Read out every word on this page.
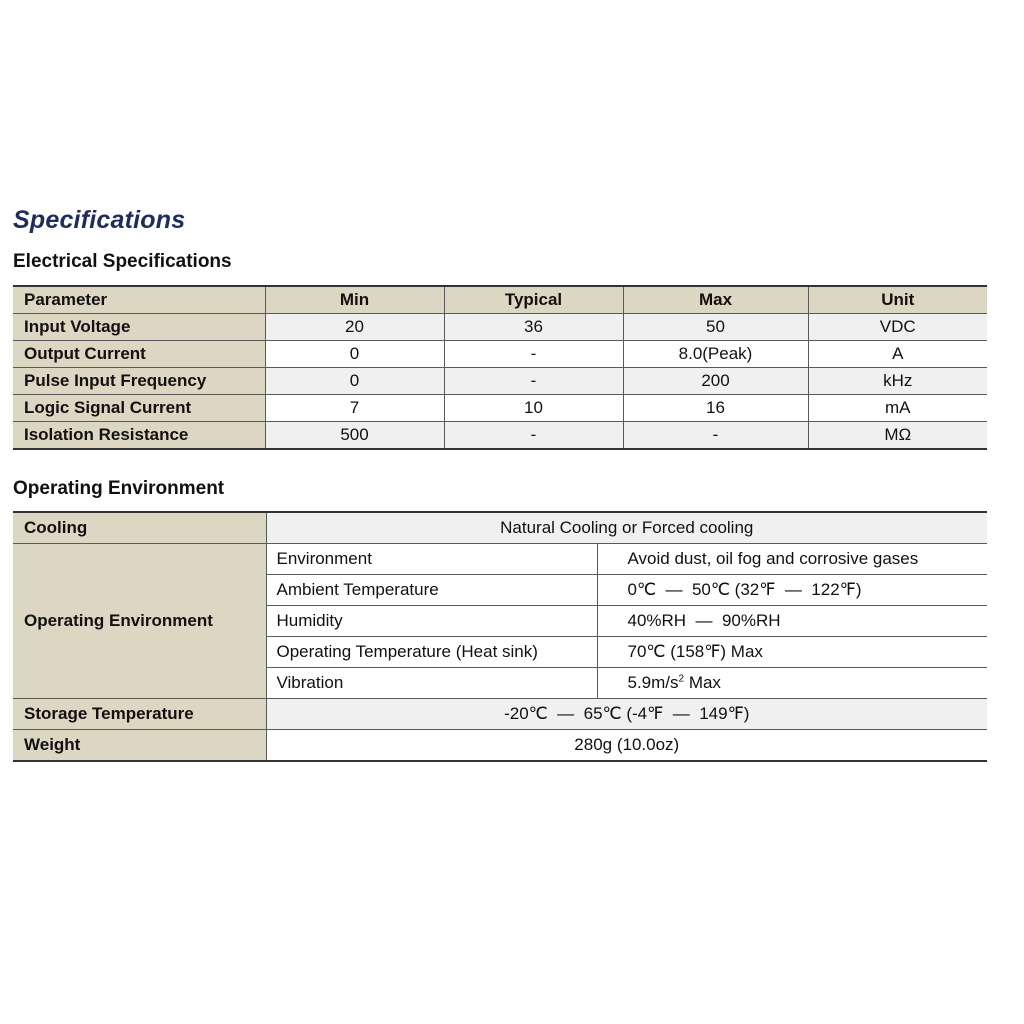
Specifications
Electrical Specifications
Parameter	Min	Typical	Max	Unit
Input Voltage	20	36	50	VDC
Output Current	0	-	8.0(Peak)	A
Pulse Input Frequency	0	-	200	kHz
Logic Signal Current	7	10	16	mA
Isolation Resistance	500	-	-	MΩ
Operating Environment
Cooling	Natural Cooling or Forced cooling	
Operating Environment	Environment	Avoid dust, oil fog and corrosive gases
	Ambient Temperature	0℃  —  50℃ (32℉  —  122℉)
	Humidity	40%RH  —  90%RH
	Operating Temperature (Heat sink)	70℃ (158℉) Max
	Vibration	$5.9m/s^2$ Max
Storage Temperature	-20℃  —  65℃ (-4℉  —  149℉)	
Weight	280g (10.0oz)	
